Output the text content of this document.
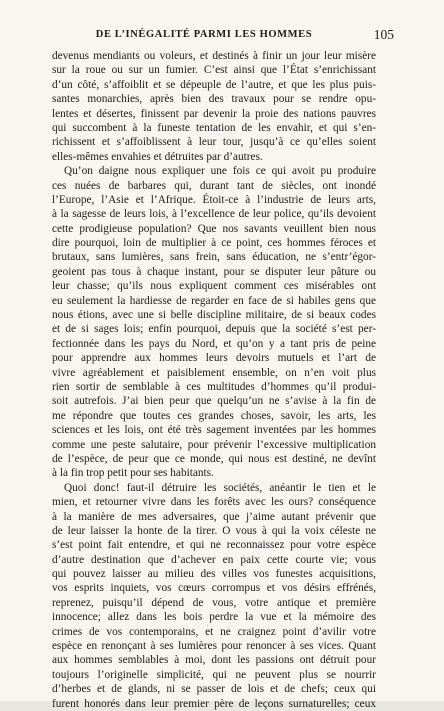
DE L’INÉGALITÉ PARMI LES HOMMES	105
devenus mendiants ou voleurs, et destinés à finir un jour leur misère
sur la roue ou sur un fumier. C’est ainsi que l’État s’enrichissant
d’un côté, s’affoiblit et se dépeuple de l’autre, et que les plus puis-
santes monarchies, après bien des travaux pour se rendre opu-
lentes et désertes, finissent par devenir la proie des nations pauvres
qui succombent à la funeste tentation de les envahir, et qui s’en-
richissent et s’affoiblissent à leur tour, jusqu’à ce qu’elles soient
elles-mêmes envahies et détruites par d’autres.
Qu’on daigne nous expliquer une fois ce qui avoit pu produire
ces nuées de barbares qui, durant tant de siècles, ont inondé
l’Europe, l’Asie et l’Afrique. Étoit-ce à l’industrie de leurs arts,
à la sagesse de leurs lois, à l’excellence de leur police, qu’ils devoient
cette prodigieuse population? Que nos savants veuillent bien nous
dire pourquoi, loin de multiplier à ce point, ces hommes féroces et
brutaux, sans lumières, sans frein, sans éducation, ne s’entr’égor-
geoient pas tous à chaque instant, pour se disputer leur pâture ou
leur chasse; qu’ils nous expliquent comment ces misérables ont
eu seulement la hardiesse de regarder en face de si habiles gens que
nous étions, avec une si belle discipline militaire, de si beaux codes
et de si sages lois; enfin pourquoi, depuis que la société s’est per-
fectionnée dans les pays du Nord, et qu’on y a tant pris de peine
pour apprendre aux hommes leurs devoirs mutuels et l’art de
vivre agréablement et paisiblement ensemble, on n’en voit plus
rien sortir de semblable à ces multitudes d’hommes qu’il produi-
soit autrefois. J’ai bien peur que quelqu’un ne s’avise à la fin de
me répondre que toutes ces grandes choses, savoir, les arts, les
sciences et les lois, ont été très sagement inventées par les hommes
comme une peste salutaire, pour prévenir l’excessive multiplication
de l’espèce, de peur que ce monde, qui nous est destiné, ne devînt
à la fin trop petit pour ses habitants.
Quoi donc! faut-il détruire les sociétés, anéantir le tien et le
mien, et retourner vivre dans les forêts avec les ours? conséquence
à la manière de mes adversaires, que j’aime autant prévenir que
de leur laisser la honte de la tirer. O vous à qui la voix céleste ne
s’est point fait entendre, et qui ne reconnaissez pour votre espèce
d’autre destination que d’achever en paix cette courte vie; vous
qui pouvez laisser au milieu des villes vos funestes acquisitions,
vos esprits inquiets, vos cœurs corrompus et vos désirs effrénés,
reprenez, puisqu’il dépend de vous, votre antique et première
innocence; allez dans les bois perdre la vue et la mémoire des
crimes de vos contemporains, et ne craignez point d’avilir votre
espèce en renonçant à ses lumières pour renoncer à ses vices. Quant
aux hommes semblables à moi, dont les passions ont détruit pour
toujours l’originelle simplicité, qui ne peuvent plus se nourrir
d’herbes et de glands, ni se passer de lois et de chefs; ceux qui
furent honorés dans leur premier père de leçons surnaturelles; ceux
